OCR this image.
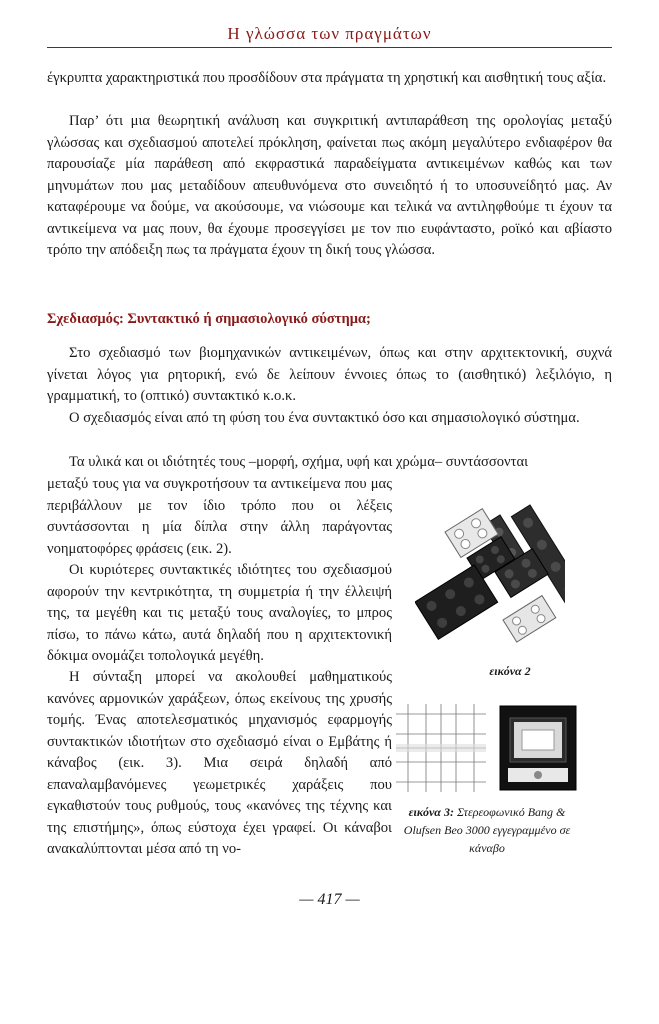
Η γλώσσα των πραγμάτων

έγκρυπτα χαρακτηριστικά που προσδίδουν στα πράγματα τη χρηστική και αισθητική τους αξία.

Παρ’ ότι μια θεωρητική ανάλυση και συγκριτική αντιπαράθεση της ορολογίας μεταξύ γλώσσας και σχεδιασμού αποτελεί πρόκληση, φαίνεται πως ακόμη μεγαλύτερο ενδιαφέρον θα παρουσίαζε μία παράθεση από εκφραστικά παραδείγματα αντικειμένων καθώς και των μηνυμάτων που μας μεταδίδουν απευθυνόμενα στο συνειδητό ή το υποσυνείδητό μας. Αν καταφέρουμε να δούμε, να ακούσουμε, να νιώσουμε και τελικά να αντιληφθούμε τι έχουν τα αντικείμενα να μας πουν, θα έχουμε προσεγγίσει με τον πιο ευφάνταστο, ρoϊκό και αβίαστο τρόπο την απόδειξη πως τα πράγματα έχουν τη δική τους γλώσσα.

Σχεδιασμός: Συντακτικό ή σημασιολογικό σύστημα;

Στο σχεδιασμό των βιομηχανικών αντικειμένων, όπως και στην αρχιτεκτονική, συχνά γίνεται λόγος για ρητορική, ενώ δε λείπουν έννοιες όπως το (αισθητικό) λεξιλόγιο, η γραμματική, το (οπτικό) συντακτικό κ.ο.κ.

Ο σχεδιασμός είναι από τη φύση του ένα συντακτικό όσο και σημασιολογικό σύστημα.

Τα υλικά και οι ιδιότητές τους –μορφή, σχήμα, υφή και χρώμα– συντάσσονται

μεταξύ τους για να συγκροτήσουν τα αντικείμενα που μας περιβάλλουν με τον ίδιο τρόπο που οι λέξεις συντάσσονται η μία δίπλα στην άλλη παράγοντας νοηματοφόρες φράσεις (εικ. 2).

Οι κυριότερες συντακτικές ιδιότητες του σχεδιασμού αφορούν την κεντρικότητα, τη συμμετρία ή την έλλειψή της, τα μεγέθη και τις μεταξύ τους αναλογίες, το μπρος πίσω, το πάνω κάτω, αυτά δηλαδή που η αρχιτεκτονική δόκιμα ονομάζει τοπολογικά μεγέθη.

Η σύνταξη μπορεί να ακολουθεί μαθηματικούς κανόνες αρμονικών χαράξεων, όπως εκείνους της χρυσής τομής. Ένας αποτελεσματικός μηχανισμός εφαρμογής συντακτικών ιδιοτήτων στο σχεδιασμό είναι ο Εμβάτης ή κάναβος (εικ. 3). Μια σειρά δηλαδή από επαναλαμβανόμενες γεωμετρικές χαράξεις που εγκαθιστούν τους ρυθμούς, τους «κανόνες της τέχνης και της επιστήμης», όπως εύστοχα έχει γραφεί. Οι κάναβοι ανακαλύπτονται μέσα από τη νο-

εικόνα 2
εικόνα 3: Στερεοφωνικό Bang & Olufsen Beo 3000 εγγεγραμμένο σε κάναβο
— 417 —
